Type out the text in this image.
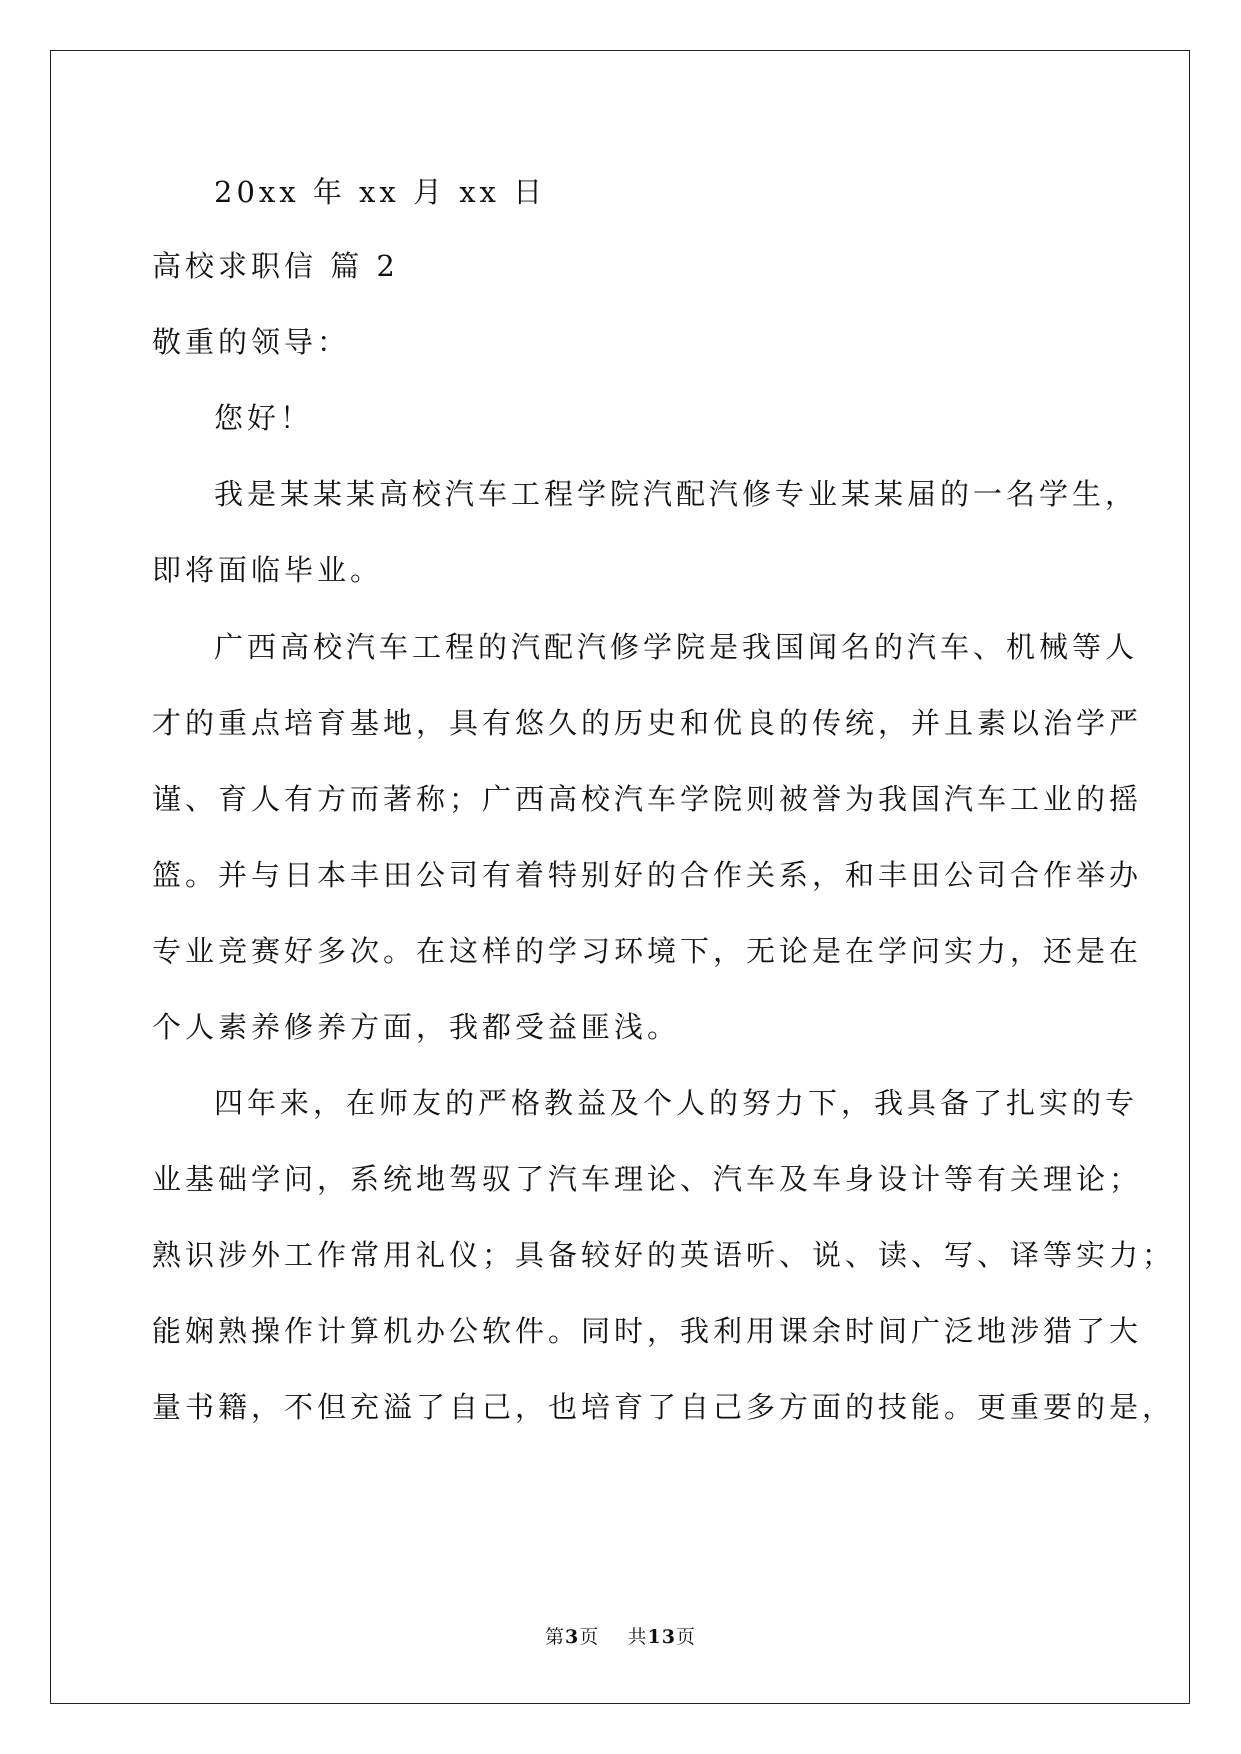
20xx 年 xx 月 xx 日
高校求职信 篇 2
敬重的领导：
您好！
我是某某某高校汽车工程学院汽配汽修专业某某届的一名学生，
即将面临毕业。
广西高校汽车工程的汽配汽修学院是我国闻名的汽车、机械等人
才的重点培育基地，具有悠久的历史和优良的传统，并且素以治学严
谨、育人有方而著称；广西高校汽车学院则被誉为我国汽车工业的摇
篮。并与日本丰田公司有着特别好的合作关系，和丰田公司合作举办
专业竞赛好多次。在这样的学习环境下，无论是在学问实力，还是在
个人素养修养方面，我都受益匪浅。
四年来，在师友的严格教益及个人的努力下，我具备了扎实的专
业基础学问，系统地驾驭了汽车理论、汽车及车身设计等有关理论；
熟识涉外工作常用礼仪；具备较好的英语听、说、读、写、译等实力；
能娴熟操作计算机办公软件。同时，我利用课余时间广泛地涉猎了大
量书籍，不但充溢了自己，也培育了自己多方面的技能。更重要的是，
第3页 共13页
